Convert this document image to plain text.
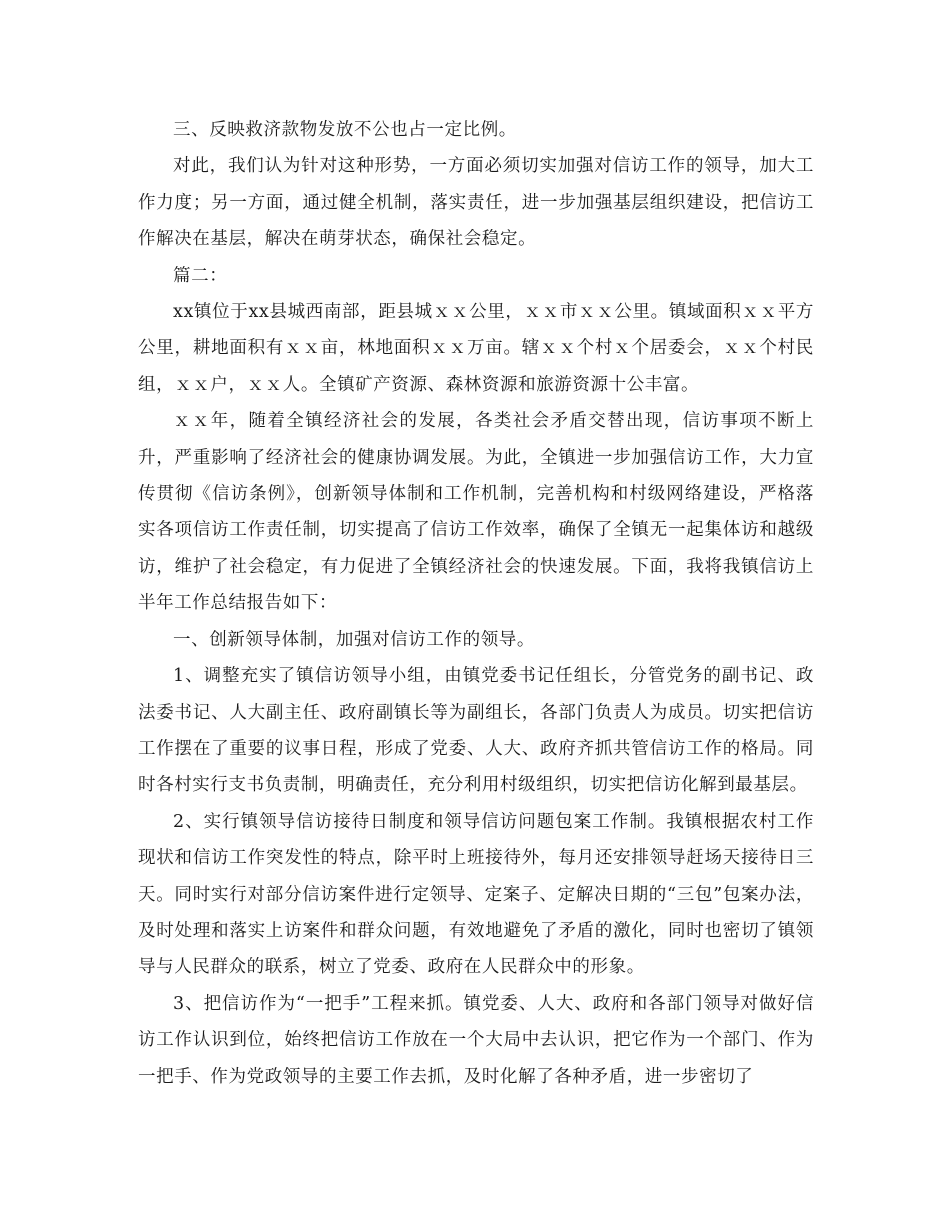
三、反映救济款物发放不公也占一定比例。

对此，我们认为针对这种形势，一方面必须切实加强对信访工作的领导，加大工作力度；另一方面，通过健全机制，落实责任，进一步加强基层组织建设，把信访工作解决在基层，解决在萌芽状态，确保社会稳定。

篇二：

xx镇位于xx县城西南部，距县城ｘｘ公里，ｘｘ市ｘｘ公里。镇域面积ｘｘ平方公里，耕地面积有ｘｘ亩，林地面积ｘｘ万亩。辖ｘｘ个村ｘ个居委会，ｘｘ个村民组，ｘｘ户，ｘｘ人。全镇矿产资源、森林资源和旅游资源十公丰富。

ｘｘ年，随着全镇经济社会的发展，各类社会矛盾交替出现，信访事项不断上升，严重影响了经济社会的健康协调发展。为此，全镇进一步加强信访工作，大力宣传贯彻《信访条例》，创新领导体制和工作机制，完善机构和村级网络建设，严格落实各项信访工作责任制，切实提高了信访工作效率，确保了全镇无一起集体访和越级访，维护了社会稳定，有力促进了全镇经济社会的快速发展。下面，我将我镇信访上半年工作总结报告如下：

一、创新领导体制，加强对信访工作的领导。

1、调整充实了镇信访领导小组，由镇党委书记任组长，分管党务的副书记、政法委书记、人大副主任、政府副镇长等为副组长，各部门负责人为成员。切实把信访工作摆在了重要的议事日程，形成了党委、人大、政府齐抓共管信访工作的格局。同时各村实行支书负责制，明确责任，充分利用村级组织，切实把信访化解到最基层。

2、实行镇领导信访接待日制度和领导信访问题包案工作制。我镇根据农村工作现状和信访工作突发性的特点，除平时上班接待外，每月还安排领导赶场天接待日三天。同时实行对部分信访案件进行定领导、定案子、定解决日期的“三包”包案办法，及时处理和落实上访案件和群众问题，有效地避免了矛盾的激化，同时也密切了镇领导与人民群众的联系，树立了党委、政府在人民群众中的形象。

3、把信访作为“一把手”工程来抓。镇党委、人大、政府和各部门领导对做好信访工作认识到位，始终把信访工作放在一个大局中去认识，把它作为一个部门、作为一把手、作为党政领导的主要工作去抓，及时化解了各种矛盾，进一步密切了
